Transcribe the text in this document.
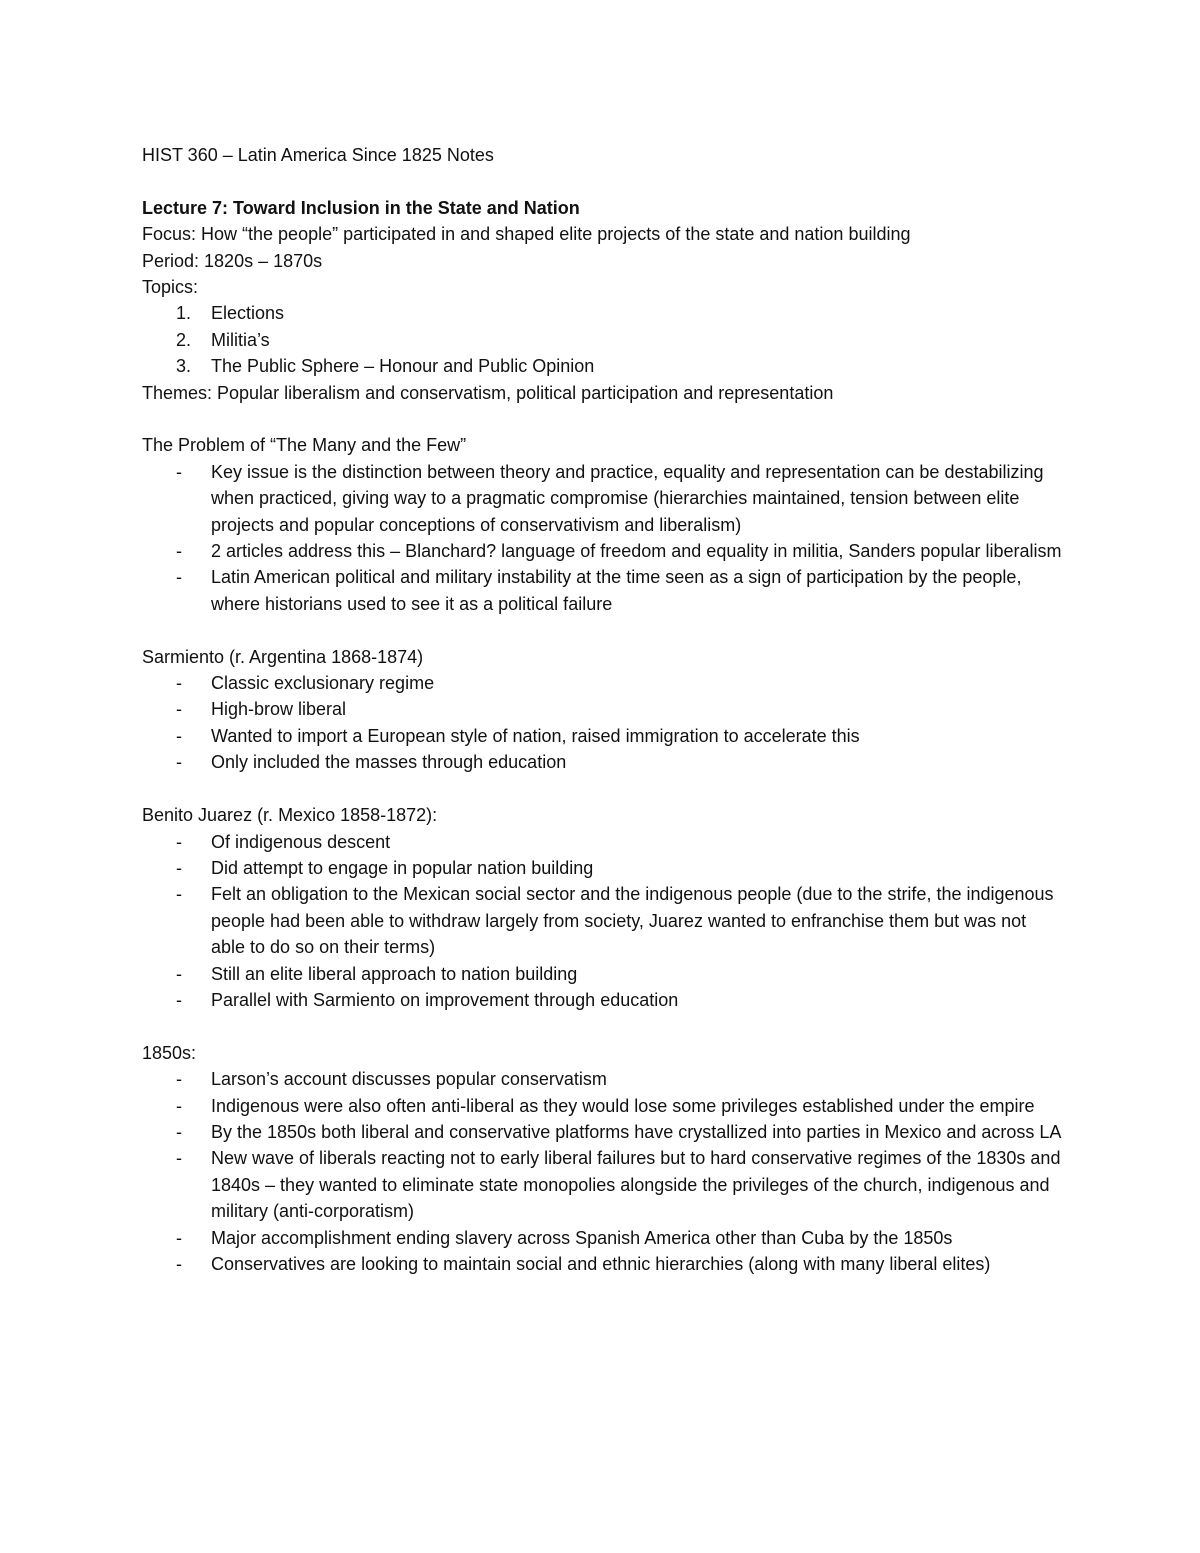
HIST 360 – Latin America Since 1825 Notes

Lecture 7: Toward Inclusion in the State and Nation

Focus: How “the people” participated in and shaped elite projects of the state and nation building

Period: 1820s – 1870s

Topics:

1. Elections
2. Militia’s
3. The Public Sphere – Honour and Public Opinion

Themes: Popular liberalism and conservatism, political participation and representation

The Problem of “The Many and the Few”

- Key issue is the distinction between theory and practice, equality and representation can be destabilizing when practiced, giving way to a pragmatic compromise (hierarchies maintained, tension between elite projects and popular conceptions of conservativism and liberalism)
- 2 articles address this – Blanchard? language of freedom and equality in militia, Sanders popular liberalism
- Latin American political and military instability at the time seen as a sign of participation by the people, where historians used to see it as a political failure

Sarmiento (r. Argentina 1868-1874)

- Classic exclusionary regime
- High-brow liberal
- Wanted to import a European style of nation, raised immigration to accelerate this
- Only included the masses through education

Benito Juarez (r. Mexico 1858-1872):

- Of indigenous descent
- Did attempt to engage in popular nation building
- Felt an obligation to the Mexican social sector and the indigenous people (due to the strife, the indigenous people had been able to withdraw largely from society, Juarez wanted to enfranchise them but was not able to do so on their terms)
- Still an elite liberal approach to nation building
- Parallel with Sarmiento on improvement through education

1850s:

- Larson’s account discusses popular conservatism
- Indigenous were also often anti-liberal as they would lose some privileges established under the empire
- By the 1850s both liberal and conservative platforms have crystallized into parties in Mexico and across LA
- New wave of liberals reacting not to early liberal failures but to hard conservative regimes of the 1830s and 1840s – they wanted to eliminate state monopolies alongside the privileges of the church, indigenous and military (anti-corporatism)
- Major accomplishment ending slavery across Spanish America other than Cuba by the 1850s
- Conservatives are looking to maintain social and ethnic hierarchies (along with many liberal elites)
